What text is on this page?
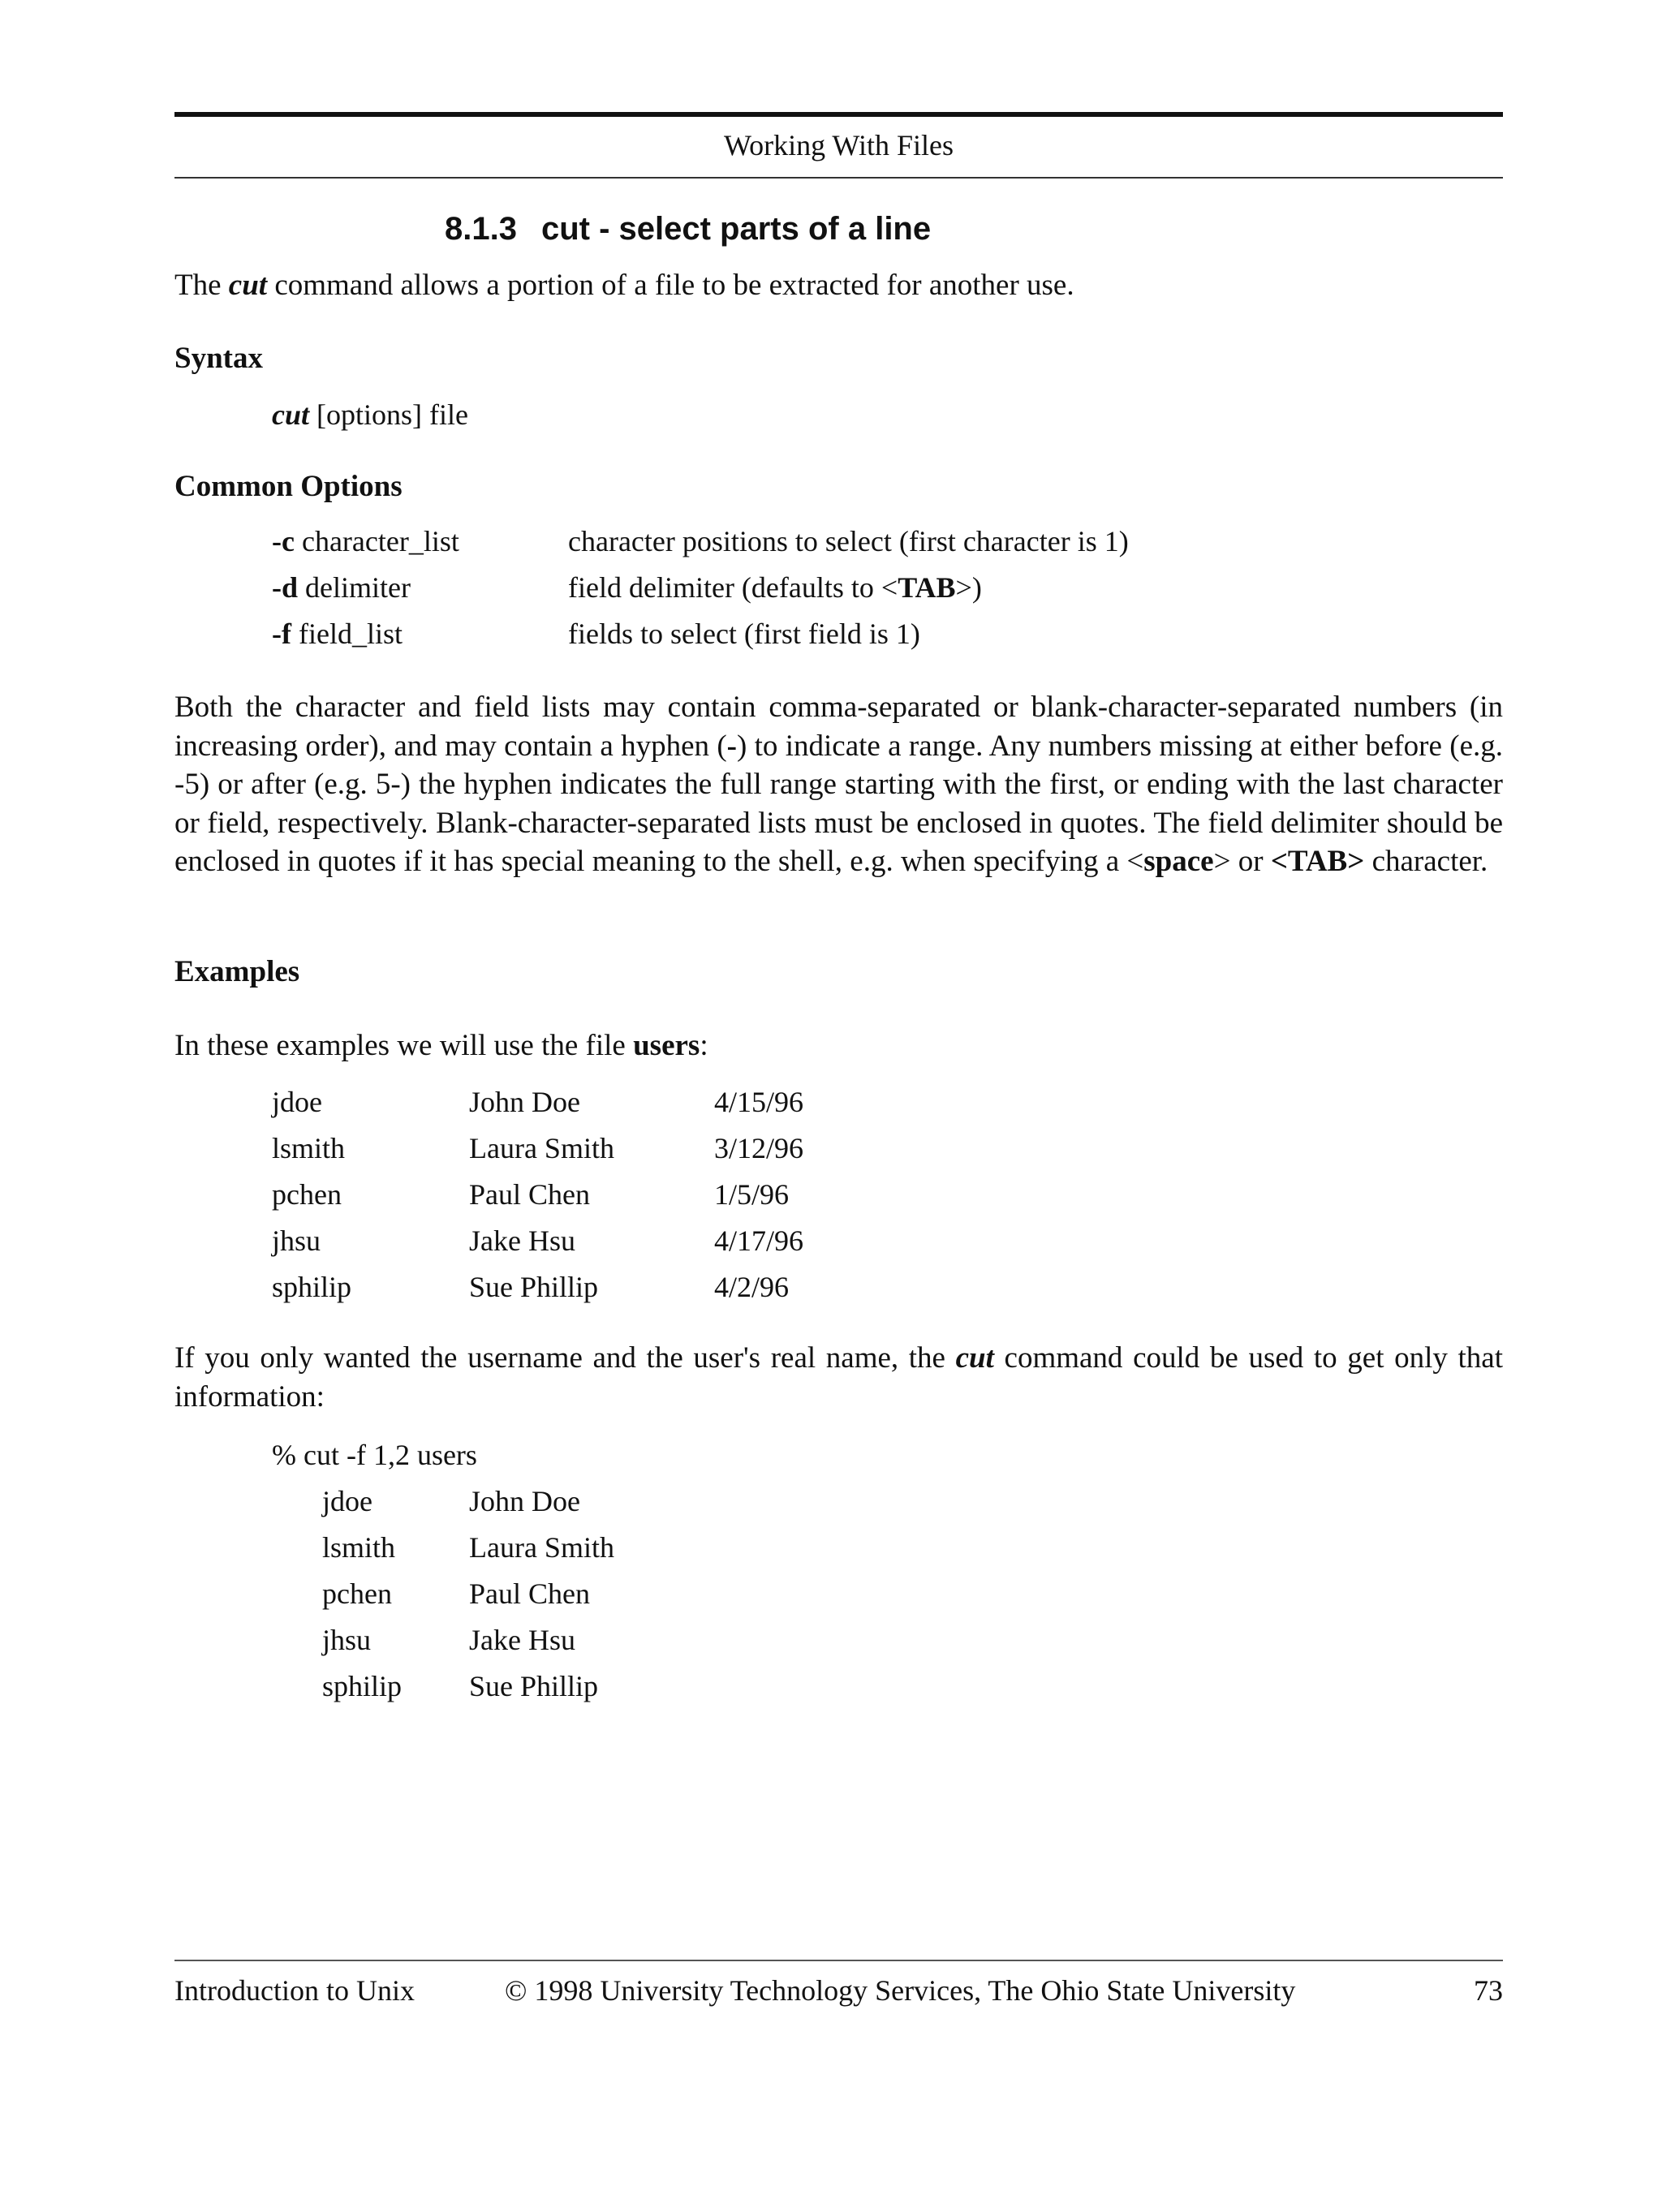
Working With Files
8.1.3 cut - select parts of a line
The cut command allows a portion of a file to be extracted for another use.
Syntax
cut [options] file
Common Options
-c character_list	character positions to select (first character is 1)
-d delimiter	field delimiter (defaults to <TAB>)
-f field_list	fields to select (first field is 1)
Both the character and field lists may contain comma-separated or blank-character-separated numbers (in increasing order), and may contain a hyphen (-) to indicate a range. Any numbers missing at either before (e.g. -5) or after (e.g. 5-) the hyphen indicates the full range starting with the first, or ending with the last character or field, respectively. Blank-character-separated lists must be enclosed in quotes. The field delimiter should be enclosed in quotes if it has special meaning to the shell, e.g. when specifying a <space> or <TAB> character.
Examples
In these examples we will use the file users:
jdoe	John Doe	4/15/96
lsmith	Laura Smith	3/12/96
pchen	Paul Chen	1/5/96
jhsu	Jake Hsu	4/17/96
sphilip	Sue Phillip	4/2/96
If you only wanted the username and the user's real name, the cut command could be used to get only that information:
% cut -f 1,2 users
jdoe	John Doe
lsmith	Laura Smith
pchen	Paul Chen
jhsu	Jake Hsu
sphilip Sue Phillip
Introduction to Unix	© 1998 University Technology Services, The Ohio State University	73
